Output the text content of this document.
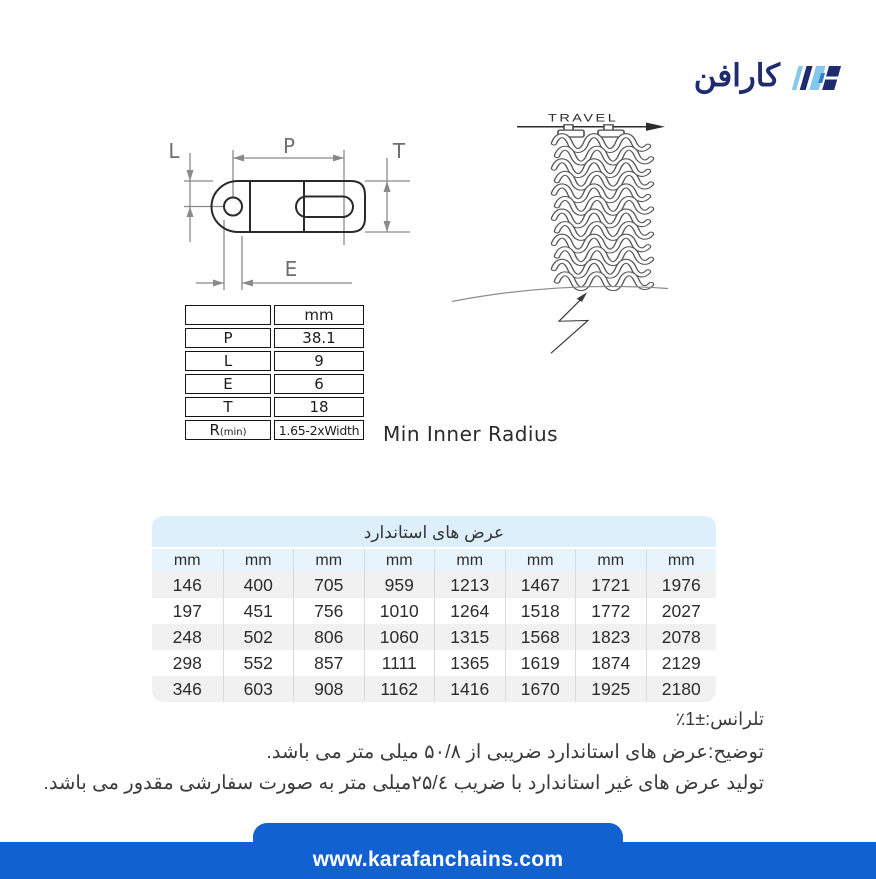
کارافن
L	P	T
E
TRAVEL
Min Inner Radius
	mm
P	38.1
L	9
E	6
T	18
R(min)	1.65-2xWidth
عرض های استاندارد
mm	mm	mm	mm	mm	mm	mm	mm
146	400	705	959	1213	1467	1721	1976
197	451	756	1010	1264	1518	1772	2027
248	502	806	1060	1315	1568	1823	2078
298	552	857	1111	1365	1619	1874	2129
346	603	908	1162	1416	1670	1925	2180
تلرانس:±1٪
توضیح:عرض های استاندارد ضریبی از ۵۰/۸ میلی متر می باشد.
تولید عرض های غیر استاندارد با ضریب ۲۵/٤میلی متر به صورت سفارشی مقدور می باشد.
www.karafanchains.com
